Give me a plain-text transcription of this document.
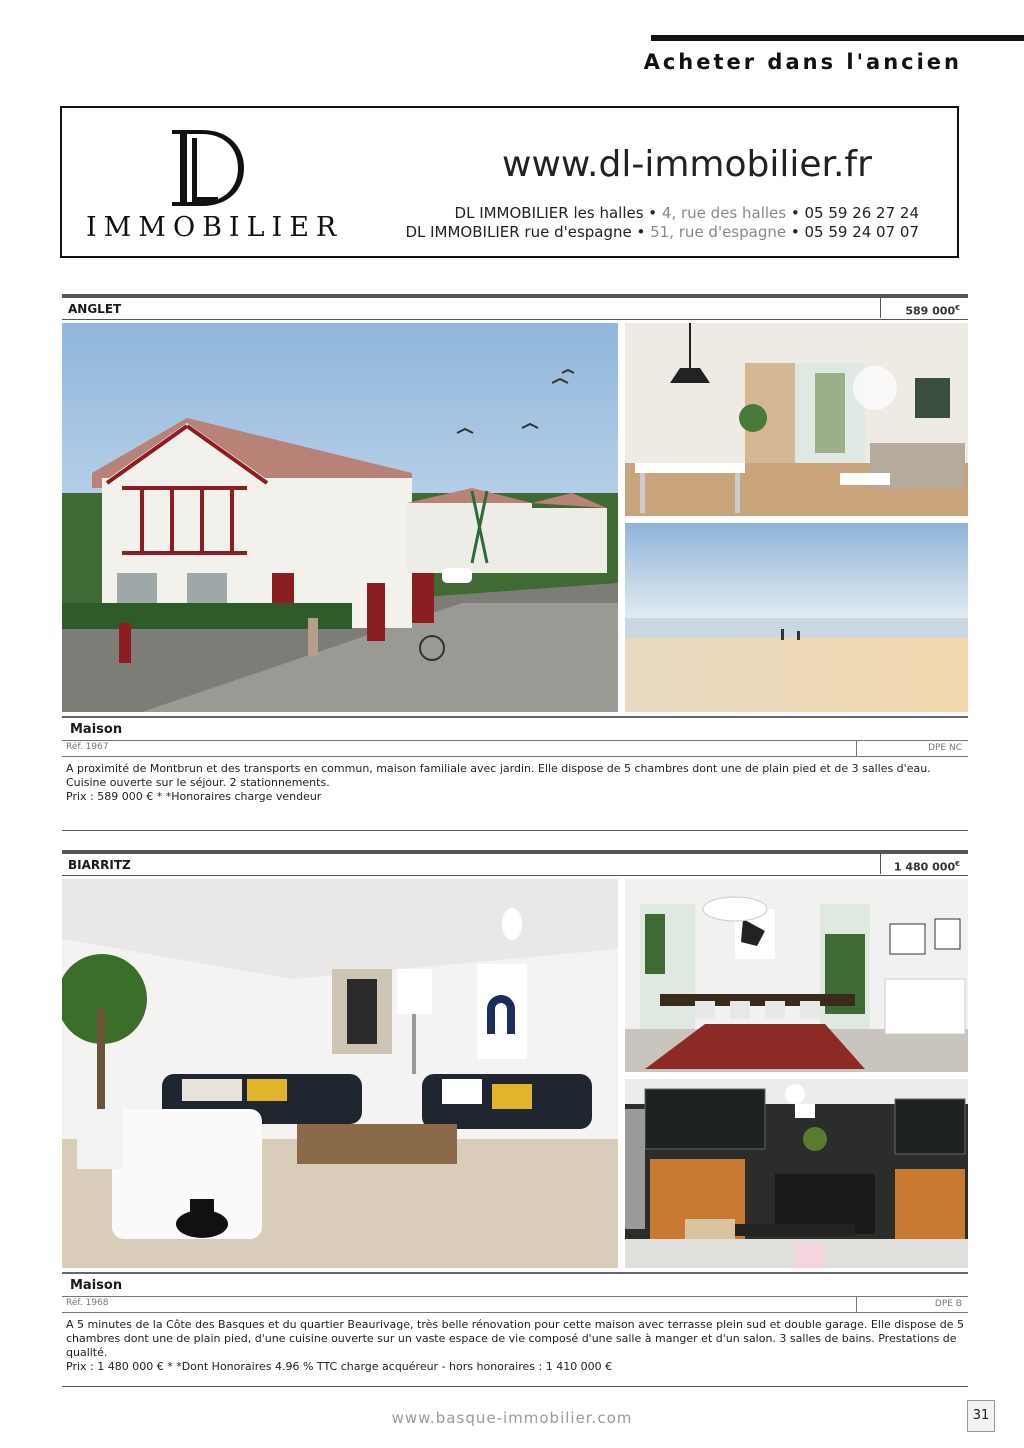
Acheter dans l'ancien
IMMOBILIER
www.dl-immobilier.fr
DL IMMOBILIER les halles • 4, rue des halles • 05 59 26 27 24
DL IMMOBILIER rue d'espagne • 51, rue d'espagne • 05 59 24 07 07
ANGLET	589 000€
Maison
Réf. 1967	DPE NC

A proximité de Montbrun et des transports en commun, maison familiale avec jardin. Elle dispose de 5 chambres dont une de plain pied et de 3 salles d'eau.

Cuisine ouverte sur le séjour. 2 stationnements.

Prix : 589 000 € * *Honoraires charge vendeur

BIARRITZ	1 480 000€
Maison
Réf. 1968	DPE B

A 5 minutes de la Côte des Basques et du quartier Beaurivage, très belle rénovation pour cette maison avec terrasse plein sud et double garage. Elle dispose de 5 chambres dont une de plain pied, d'une cuisine ouverte sur un vaste espace de vie composé d'une salle à manger et d'un salon. 3 salles de bains. Prestations de qualité.

Prix : 1 480 000 € * *Dont Honoraires 4.96 % TTC charge acquéreur - hors honoraires : 1 410 000 €

www.basque-immobilier.com	31
